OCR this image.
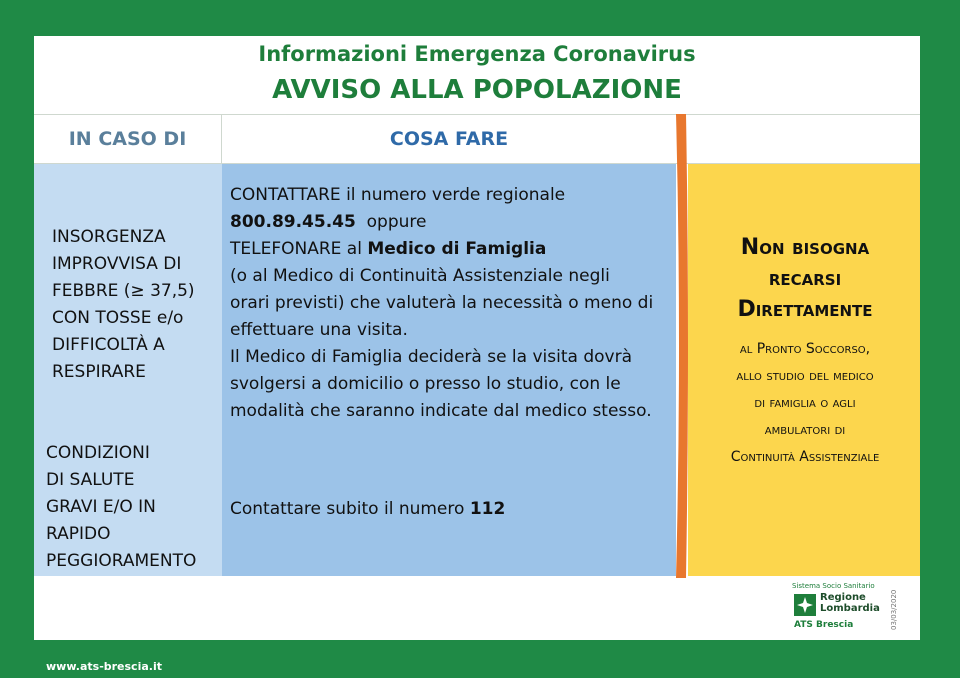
Informazioni Emergenza Coronavirus
AVVISO ALLA POPOLAZIONE
IN CASO DI	COSA FARE
INSORGENZA
IMPROVVISA DI
FEBBRE (≥ 37,5)
CON TOSSE e/o
DIFFICOLTÀ A
RESPIRARE
CONDIZIONI
DI SALUTE
GRAVI E/O IN
RAPIDO
PEGGIORAMENTO
CONTATTARE il numero verde regionale
800.89.45.45  oppure
TELEFONARE al Medico di Famiglia
(o al Medico di Continuità Assistenziale negli
orari previsti) che valuterà la necessità o meno di
effettuare una visita.
Il Medico di Famiglia deciderà se la visita dovrà
svolgersi a domicilio o presso lo studio, con le
modalità che saranno indicate dal medico stesso.
Contattare subito il numero 112
Non bisogna
recarsi
Direttamente
al Pronto Soccorso,
allo studio del medico
di famiglia o agli
ambulatori di
Continuità Assistenziale
Sistema Socio Sanitario
Regione
Lombardia
ATS Brescia	03/03/2020
www.ats-brescia.it
